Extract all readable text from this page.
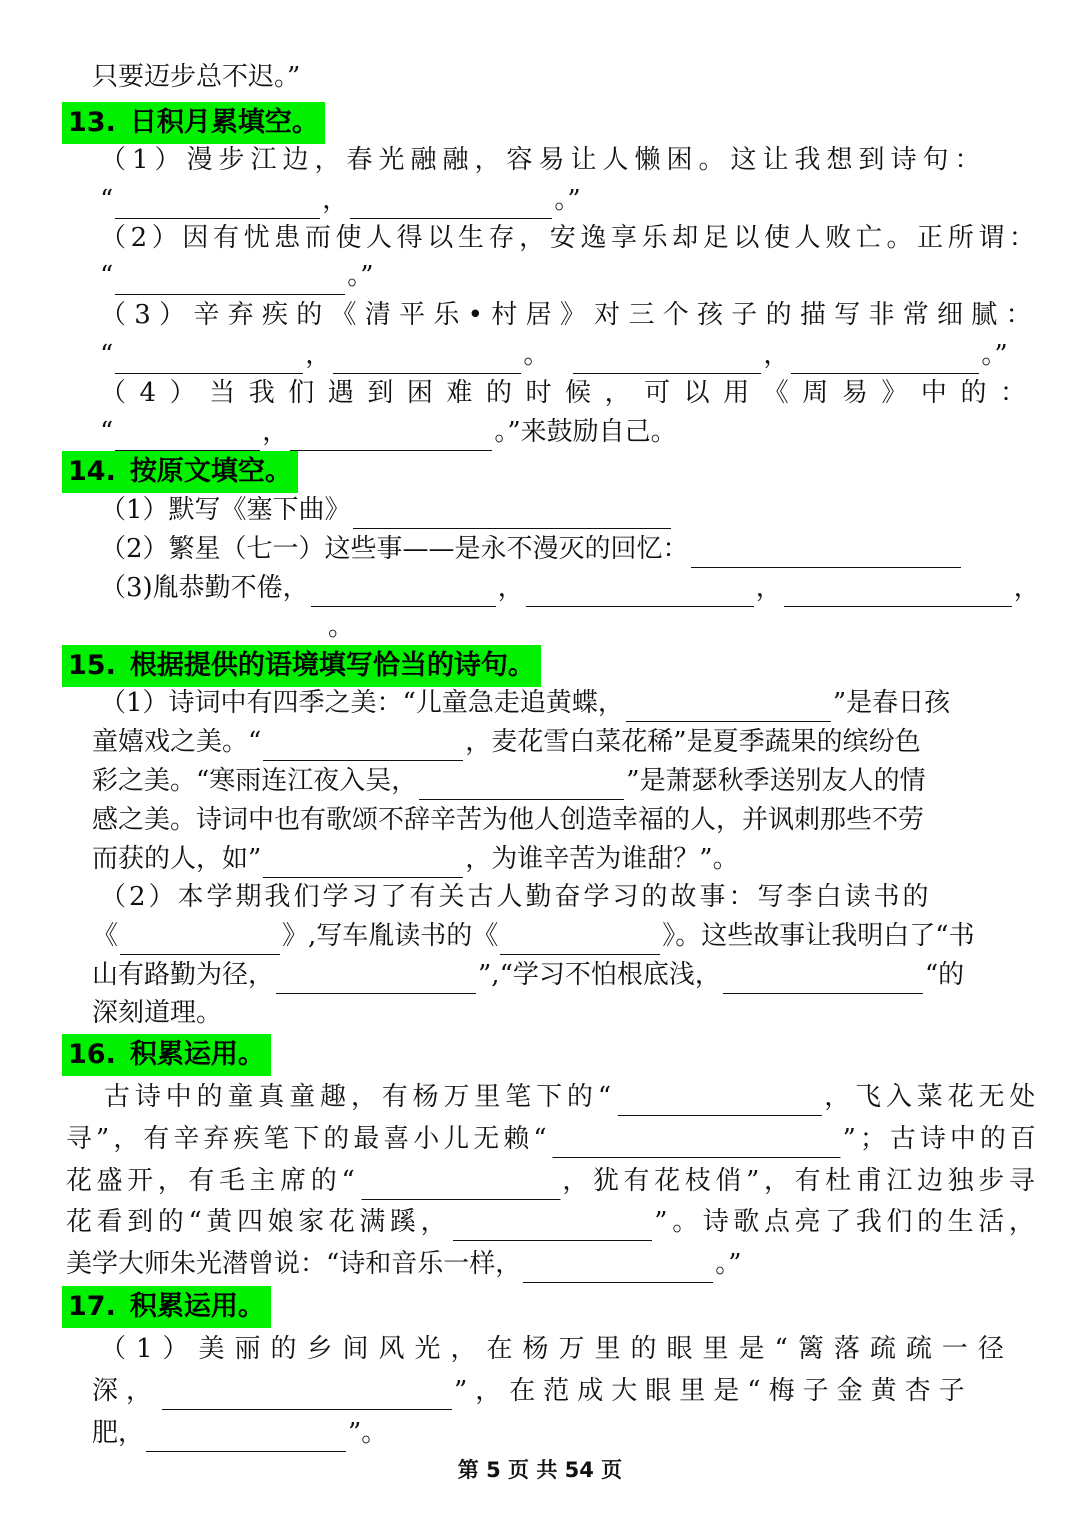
只要迈步总不迟。”
13. 日积月累填空。
（1）漫步江边，春光融融，容易让人懒困。这让我想到诗句：
“	，	。”
（2）因有忧患而使人得以生存，安逸享乐却足以使人败亡。正所谓：
“	。”
（3）辛弃疾的《清平乐•村居》对三个孩子的描写非常细腻：
“	，	。	，	。”
（4）当我们遇到困难的时候，可以用《周易》中的：
“	，	。”来鼓励自己。
14. 按原文填空。
（1）默写《塞下曲》
（2）繁星（七一）这些事——是永不漫灭的回忆：
（3)胤恭勤不倦，	，	，	，
。
15. 根据提供的语境填写恰当的诗句。
（1）诗词中有四季之美：“儿童急走追黄蝶，	”是春日孩
童嬉戏之美。“	，麦花雪白菜花稀”是夏季蔬果的缤纷色
彩之美。“寒雨连江夜入吴，	”是萧瑟秋季送别友人的情
感之美。诗词中也有歌颂不辞辛苦为他人创造幸福的人，并讽刺那些不劳
而获的人，如”	，为谁辛苦为谁甜？”。
（2）本学期我们学习了有关古人勤奋学习的故事：写李白读书的
《	》,写车胤读书的《	》。这些故事让我明白了“书
山有路勤为径，	”,“学习不怕根底浅，	“的
深刻道理。
16. 积累运用。
古诗中的童真童趣，有杨万里笔下的“	，飞入菜花无处
寻”，有辛弃疾笔下的最喜小儿无赖“	”；古诗中的百
花盛开，有毛主席的“	，犹有花枝俏”，有杜甫江边独步寻
花看到的“黄四娘家花满蹊，	”。诗歌点亮了我们的生活，
美学大师朱光潜曾说：“诗和音乐一样，	。”
17. 积累运用。
（1）美丽的乡间风光，在杨万里的眼里是“篱落疏疏一径
深，	”，在范成大眼里是“梅子金黄杏子
肥，	”。
第 5 页 共 54 页
